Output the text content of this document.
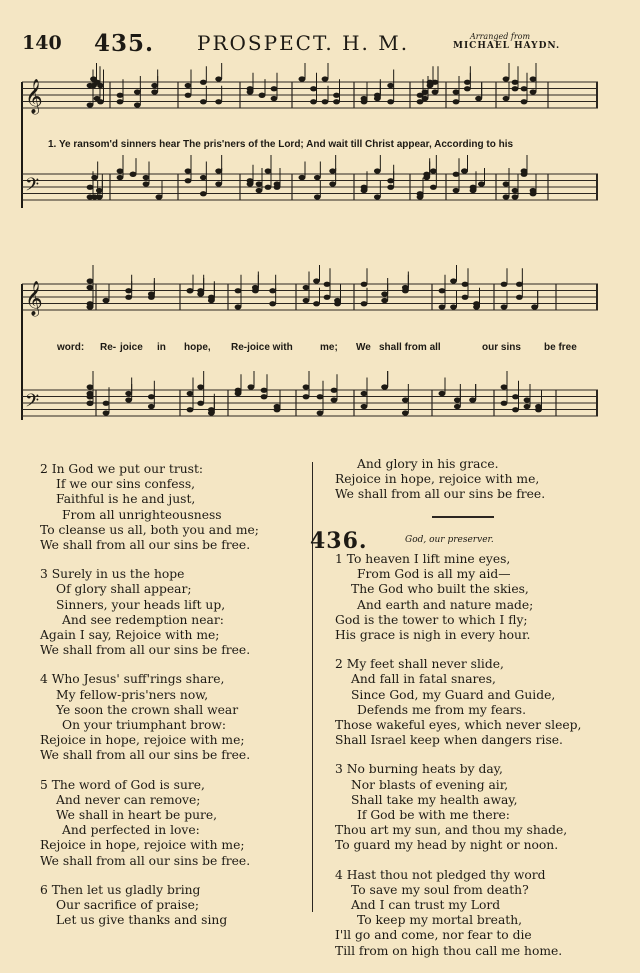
140 435. PROSPECT. H. M.	Arranged from
MICHAEL HAYDN.
𝄞
𝄢
1. Ye ransom'd sinners hear The pris'ners of the Lord; And wait till Christ appear, According to his
𝄞
𝄢
word: Re- joice in hope, Re-joice with	me; We shall from all	our sins be free
2 In God we put our trust:
If we our sins confess,
Faithful is he and just,
From all unrighteousness
To cleanse us all, both you and me;
We shall from all our sins be free.
3 Surely in us the hope
Of glory shall appear;
Sinners, your heads lift up,
And see redemption near:
Again I say, Rejoice with me;
We shall from all our sins be free.
4 Who Jesus' suff'rings share,
My fellow-pris'ners now,
Ye soon the crown shall wear
On your triumphant brow:
Rejoice in hope, rejoice with me;
We shall from all our sins be free.
5 The word of God is sure,
And never can remove;
We shall in heart be pure,
And perfected in love:
Rejoice in hope, rejoice with me;
We shall from all our sins be free.
6 Then let us gladly bring
Our sacrifice of praise;
Let us give thanks and sing
And glory in his grace.
Rejoice in hope, rejoice with me,
We shall from all our sins be free.
436.	God, our preserver.
1 To heaven I lift mine eyes,
From God is all my aid—
The God who built the skies,
And earth and nature made;
God is the tower to which I fly;
His grace is nigh in every hour.
2 My feet shall never slide,
And fall in fatal snares,
Since God, my Guard and Guide,
Defends me from my fears.
Those wakeful eyes, which never sleep,
Shall Israel keep when dangers rise.
3 No burning heats by day,
Nor blasts of evening air,
Shall take my health away,
If God be with me there:
Thou art my sun, and thou my shade,
To guard my head by night or noon.
4 Hast thou not pledged thy word
To save my soul from death?
And I can trust my Lord
To keep my mortal breath,
I'll go and come, nor fear to die
Till from on high thou call me home.
